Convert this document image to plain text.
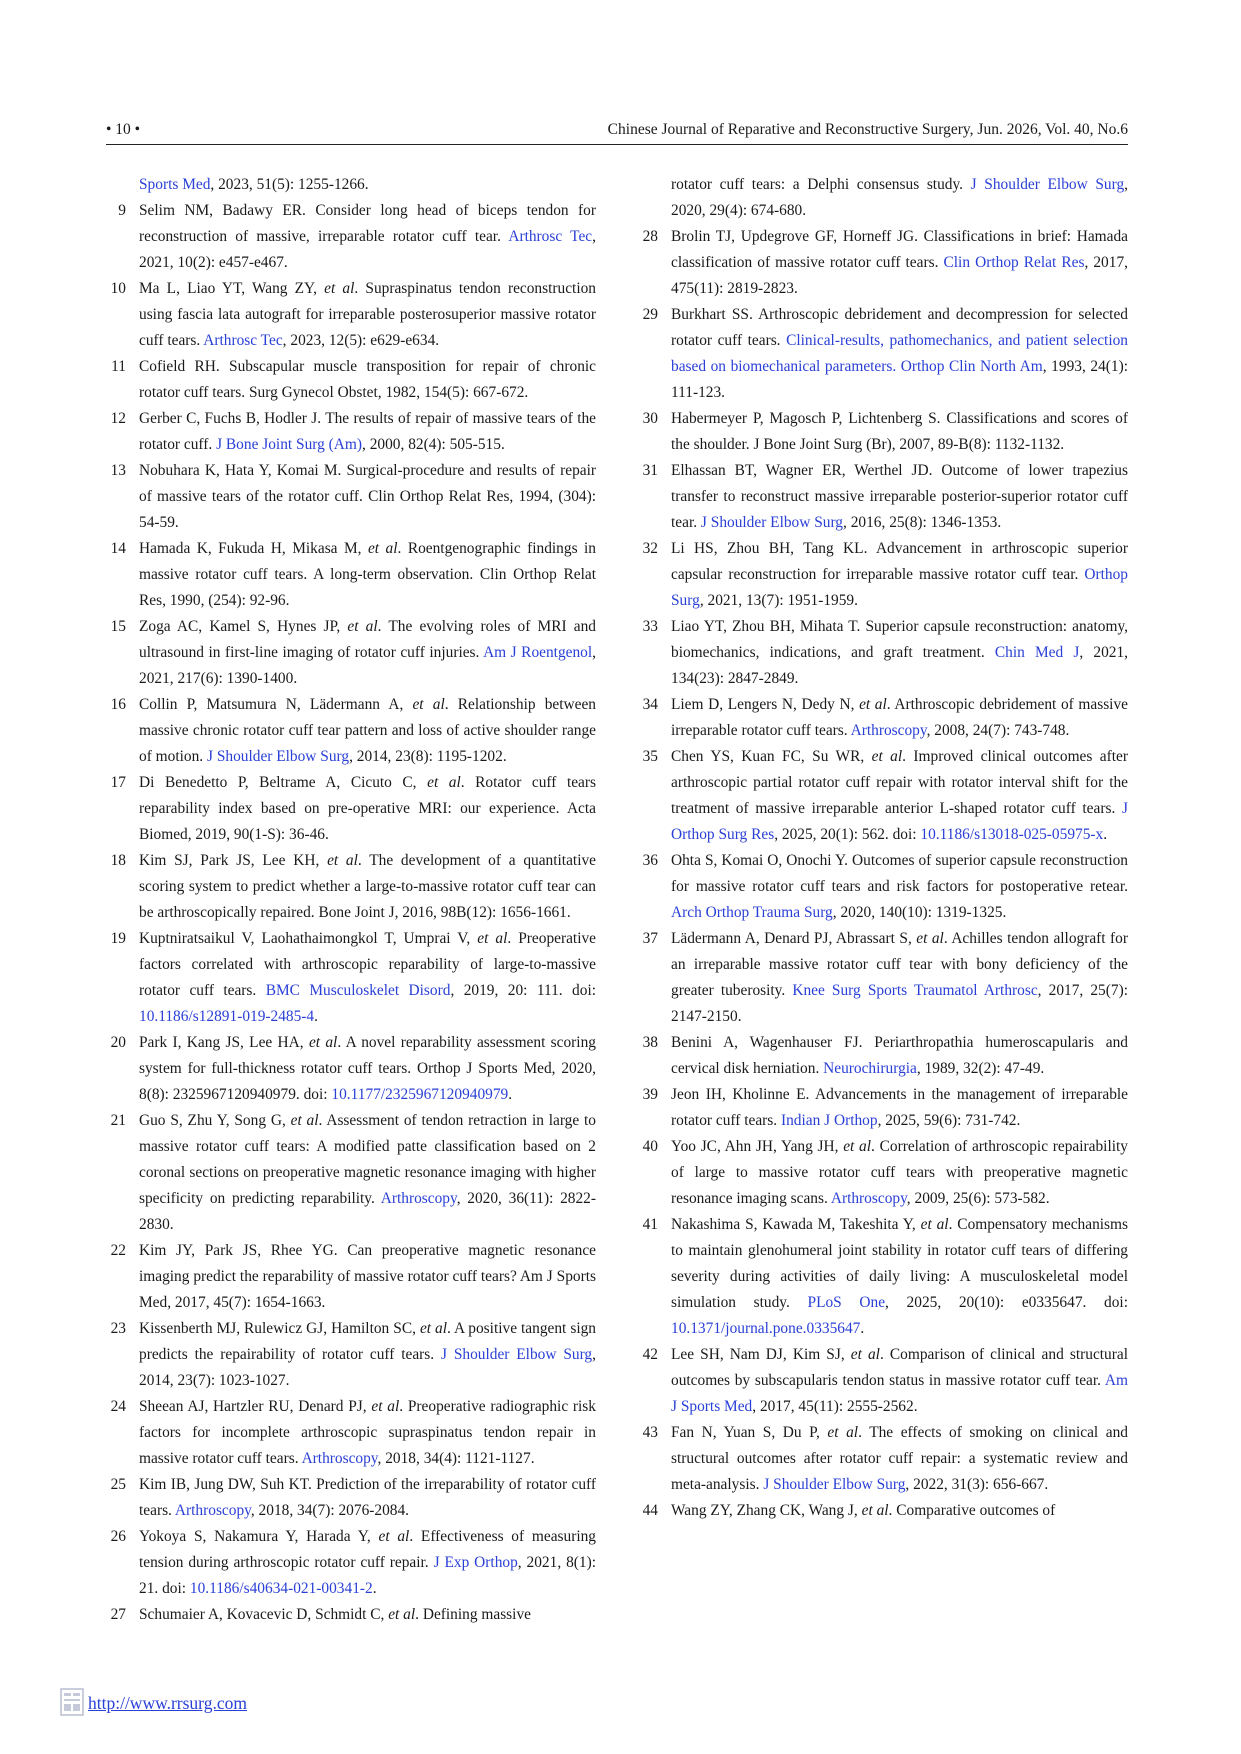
• 10 •	Chinese Journal of Reparative and Reconstructive Surgery, Jun. 2026, Vol. 40, No.6
Sports Med, 2023, 51(5): 1255-1266.
9 Selim NM, Badawy ER. Consider long head of biceps tendon for reconstruction of massive, irreparable rotator cuff tear. Arthrosc Tec, 2021, 10(2): e457-e467.
10 Ma L, Liao YT, Wang ZY, et al. Supraspinatus tendon reconstruction using fascia lata autograft for irreparable posterosuperior massive rotator cuff tears. Arthrosc Tec, 2023, 12(5): e629-e634.
11 Cofield RH. Subscapular muscle transposition for repair of chronic rotator cuff tears. Surg Gynecol Obstet, 1982, 154(5): 667-672.
12 Gerber C, Fuchs B, Hodler J. The results of repair of massive tears of the rotator cuff. J Bone Joint Surg (Am), 2000, 82(4): 505-515.
13 Nobuhara K, Hata Y, Komai M. Surgical-procedure and results of repair of massive tears of the rotator cuff. Clin Orthop Relat Res, 1994, (304): 54-59.
14 Hamada K, Fukuda H, Mikasa M, et al. Roentgenographic findings in massive rotator cuff tears. A long-term observation. Clin Orthop Relat Res, 1990, (254): 92-96.
15 Zoga AC, Kamel S, Hynes JP, et al. The evolving roles of MRI and ultrasound in first-line imaging of rotator cuff injuries. Am J Roentgenol, 2021, 217(6): 1390-1400.
16 Collin P, Matsumura N, Lädermann A, et al. Relationship between massive chronic rotator cuff tear pattern and loss of active shoulder range of motion. J Shoulder Elbow Surg, 2014, 23(8): 1195-1202.
17 Di Benedetto P, Beltrame A, Cicuto C, et al. Rotator cuff tears reparability index based on pre-operative MRI: our experience. Acta Biomed, 2019, 90(1-S): 36-46.
18 Kim SJ, Park JS, Lee KH, et al. The development of a quantitative scoring system to predict whether a large-to-massive rotator cuff tear can be arthroscopically repaired. Bone Joint J, 2016, 98B(12): 1656-1661.
19 Kuptniratsaikul V, Laohathaimongkol T, Umprai V, et al. Preoperative factors correlated with arthroscopic reparability of large-to-massive rotator cuff tears. BMC Musculoskelet Disord, 2019, 20: 111. doi: 10.1186/s12891-019-2485-4.
20 Park I, Kang JS, Lee HA, et al. A novel reparability assessment scoring system for full-thickness rotator cuff tears. Orthop J Sports Med, 2020, 8(8): 2325967120940979. doi: 10.1177/2325967120940979.
21 Guo S, Zhu Y, Song G, et al. Assessment of tendon retraction in large to massive rotator cuff tears: A modified patte classification based on 2 coronal sections on preoperative magnetic resonance imaging with higher specificity on predicting reparability. Arthroscopy, 2020, 36(11): 2822-2830.
22 Kim JY, Park JS, Rhee YG. Can preoperative magnetic resonance imaging predict the reparability of massive rotator cuff tears? Am J Sports Med, 2017, 45(7): 1654-1663.
23 Kissenberth MJ, Rulewicz GJ, Hamilton SC, et al. A positive tangent sign predicts the repairability of rotator cuff tears. J Shoulder Elbow Surg, 2014, 23(7): 1023-1027.
24 Sheean AJ, Hartzler RU, Denard PJ, et al. Preoperative radiographic risk factors for incomplete arthroscopic supraspinatus tendon repair in massive rotator cuff tears. Arthroscopy, 2018, 34(4): 1121-1127.
25 Kim IB, Jung DW, Suh KT. Prediction of the irreparability of rotator cuff tears. Arthroscopy, 2018, 34(7): 2076-2084.
26 Yokoya S, Nakamura Y, Harada Y, et al. Effectiveness of measuring tension during arthroscopic rotator cuff repair. J Exp Orthop, 2021, 8(1): 21. doi: 10.1186/s40634-021-00341-2.
27 Schumaier A, Kovacevic D, Schmidt C, et al. Defining massive
rotator cuff tears: a Delphi consensus study. J Shoulder Elbow Surg, 2020, 29(4): 674-680.
28 Brolin TJ, Updegrove GF, Horneff JG. Classifications in brief: Hamada classification of massive rotator cuff tears. Clin Orthop Relat Res, 2017, 475(11): 2819-2823.
29 Burkhart SS. Arthroscopic debridement and decompression for selected rotator cuff tears. Clinical-results, pathomechanics, and patient selection based on biomechanical parameters. Orthop Clin North Am, 1993, 24(1): 111-123.
30 Habermeyer P, Magosch P, Lichtenberg S. Classifications and scores of the shoulder. J Bone Joint Surg (Br), 2007, 89-B(8): 1132-1132.
31 Elhassan BT, Wagner ER, Werthel JD. Outcome of lower trapezius transfer to reconstruct massive irreparable posterior-superior rotator cuff tear. J Shoulder Elbow Surg, 2016, 25(8): 1346-1353.
32 Li HS, Zhou BH, Tang KL. Advancement in arthroscopic superior capsular reconstruction for irreparable massive rotator cuff tear. Orthop Surg, 2021, 13(7): 1951-1959.
33 Liao YT, Zhou BH, Mihata T. Superior capsule reconstruction: anatomy, biomechanics, indications, and graft treatment. Chin Med J, 2021, 134(23): 2847-2849.
34 Liem D, Lengers N, Dedy N, et al. Arthroscopic debridement of massive irreparable rotator cuff tears. Arthroscopy, 2008, 24(7): 743-748.
35 Chen YS, Kuan FC, Su WR, et al. Improved clinical outcomes after arthroscopic partial rotator cuff repair with rotator interval shift for the treatment of massive irreparable anterior L-shaped rotator cuff tears. J Orthop Surg Res, 2025, 20(1): 562. doi: 10.1186/s13018-025-05975-x.
36 Ohta S, Komai O, Onochi Y. Outcomes of superior capsule reconstruction for massive rotator cuff tears and risk factors for postoperative retear. Arch Orthop Trauma Surg, 2020, 140(10): 1319-1325.
37 Lädermann A, Denard PJ, Abrassart S, et al. Achilles tendon allograft for an irreparable massive rotator cuff tear with bony deficiency of the greater tuberosity. Knee Surg Sports Traumatol Arthrosc, 2017, 25(7): 2147-2150.
38 Benini A, Wagenhauser FJ. Periarthropathia humeroscapularis and cervical disk herniation. Neurochirurgia, 1989, 32(2): 47-49.
39 Jeon IH, Kholinne E. Advancements in the management of irreparable rotator cuff tears. Indian J Orthop, 2025, 59(6): 731-742.
40 Yoo JC, Ahn JH, Yang JH, et al. Correlation of arthroscopic repairability of large to massive rotator cuff tears with preoperative magnetic resonance imaging scans. Arthroscopy, 2009, 25(6): 573-582.
41 Nakashima S, Kawada M, Takeshita Y, et al. Compensatory mechanisms to maintain glenohumeral joint stability in rotator cuff tears of differing severity during activities of daily living: A musculoskeletal model simulation study. PLoS One, 2025, 20(10): e0335647. doi: 10.1371/journal.pone.0335647.
42 Lee SH, Nam DJ, Kim SJ, et al. Comparison of clinical and structural outcomes by subscapularis tendon status in massive rotator cuff tear. Am J Sports Med, 2017, 45(11): 2555-2562.
43 Fan N, Yuan S, Du P, et al. The effects of smoking on clinical and structural outcomes after rotator cuff repair: a systematic review and meta-analysis. J Shoulder Elbow Surg, 2022, 31(3): 656-667.
44 Wang ZY, Zhang CK, Wang J, et al. Comparative outcomes of
http://www.rrsurg.com
